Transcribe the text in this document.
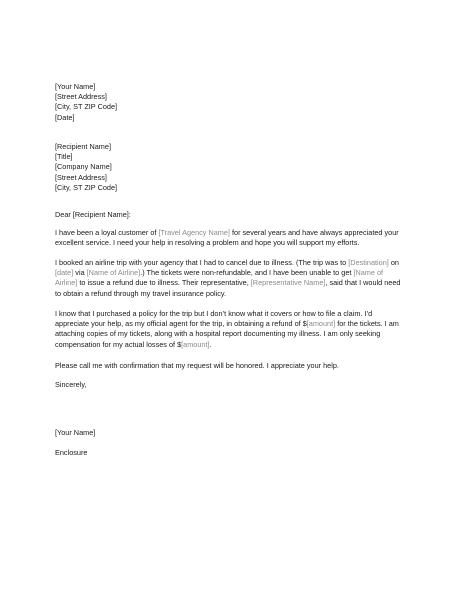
[Your Name]
[Street Address]
[City, ST ZIP Code]
[Date]
[Recipient Name]
[Title]
[Company Name]
[Street Address]
[City, ST ZIP Code]
Dear [Recipient Name]:
I have been a loyal customer of [Travel Agency Name] for several years and have always appreciated your
excellent service. I need your help in resolving a problem and hope you will support my efforts.
I booked an airline trip with your agency that I had to cancel due to illness. (The trip was to [Destination] on
[date] via [Name of Airline].) The tickets were non-refundable, and I have been unable to get [Name of
Airline] to issue a refund due to illness. Their representative, [Representative Name], said that I would need
to obtain a refund through my travel insurance policy.
I know that I purchased a policy for the trip but I don’t know what it covers or how to file a claim. I’d
appreciate your help, as my official agent for the trip, in obtaining a refund of $[amount] for the tickets. I am
attaching copies of my tickets, along with a hospital report documenting my illness. I am only seeking
compensation for my actual losses of $[amount].
Please call me with confirmation that my request will be honored. I appreciate your help.
Sincerely,
[Your Name]
Enclosure
